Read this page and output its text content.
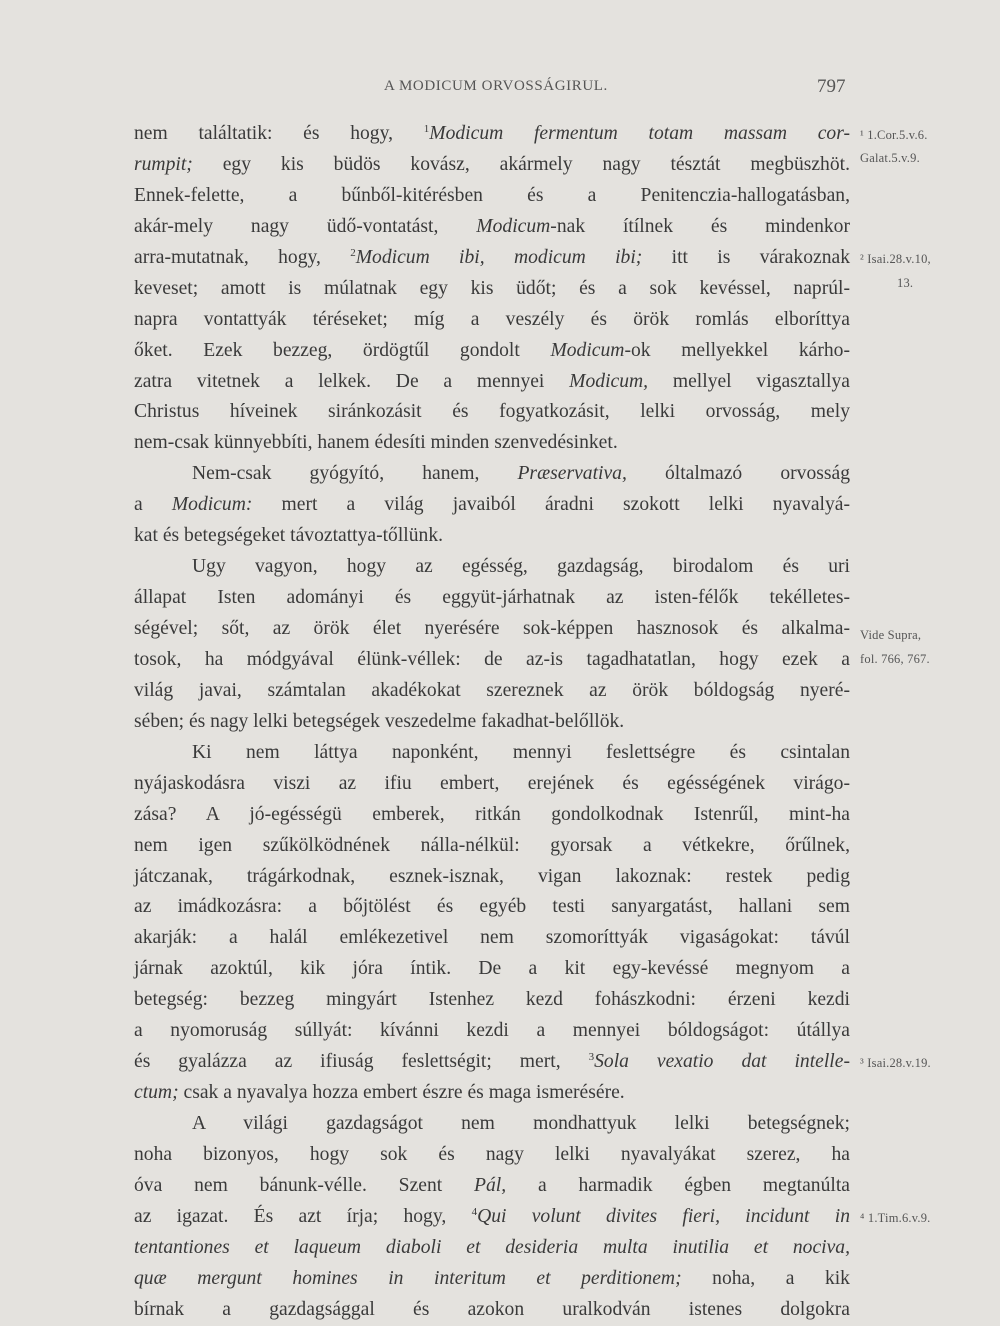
A MODICUM ORVOSSÁGIRUL.	797
nem találtatik: és hogy, $^1$Modicum fermentum totam massam cor-
rumpit; egy kis büdös kovász, akármely nagy tésztát megbüszhöt.
Ennek-felette, a bűnből-kitérésben és a Penitenczia-hallogatásban,
akár-mely nagy üdő-vontatást, Modicum-nak ítílnek és mindenkor
arra-mutatnak, hogy, $^2$Modicum ibi, modicum ibi; itt is várakoznak
keveset; amott is múlatnak egy kis üdőt; és a sok kevéssel, naprúl-
napra vontattyák téréseket; míg a veszély és örök romlás elboríttya
őket. Ezek bezzeg, ördögtűl gondolt Modicum-ok mellyekkel kárho-
zatra vitetnek a lelkek. De a mennyei Modicum, mellyel vigasztallya
Christus híveinek siránkozásit és fogyatkozásit, lelki orvosság, mely
nem-csak künnyebbíti, hanem édesíti minden szenvedésinket.
Nem-csak gyógyító, hanem, Præservativa, óltalmazó orvosság
a Modicum: mert a világ javaiból áradni szokott lelki nyavalyá-
kat és betegségeket távoztattya-tőllünk.
Ugy vagyon, hogy az egésség, gazdagság, birodalom és uri
állapat Isten adományi és eggyüt-járhatnak az isten-félők tekélletes-
ségével; sőt, az örök élet nyerésére sok-képpen hasznosok és alkalma-
tosok, ha módgyával élünk-véllek: de az-is tagadhatatlan, hogy ezek a
világ javai, számtalan akadékokat szereznek az örök bóldogság nyeré-
sében; és nagy lelki betegségek veszedelme fakadhat-belőllök.
Ki nem láttya naponként, mennyi feslettségre és csintalan
nyájaskodásra viszi az ifiu embert, erejének és egésségének virágo-
zása? A jó-egésségü emberek, ritkán gondolkodnak Istenrűl, mint-ha
nem igen szűkölködnének nálla-nélkül: gyorsak a vétkekre, őrűlnek,
játczanak, trágárkodnak, esznek-isznak, vigan lakoznak: restek pedig
az imádkozásra: a bőjtölést és egyéb testi sanyargatást, hallani sem
akarják: a halál emlékezetivel nem szomoríttyák vigaságokat: távúl
járnak azoktúl, kik jóra íntik. De a kit egy-kevéssé megnyom a
betegség: bezzeg mingyárt Istenhez kezd fohászkodni: érzeni kezdi
a nyomoruság súllyát: kívánni kezdi a mennyei bóldogságot: útállya
és gyalázza az ifiuság feslettségit; mert, $^3$Sola vexatio dat intelle-
ctum; csak a nyavalya hozza embert észre és maga ismerésére.
A világi gazdagságot nem mondhattyuk lelki betegségnek;
noha bizonyos, hogy sok és nagy lelki nyavalyákat szerez, ha
óva nem bánunk-vélle. Szent Pál, a harmadik égben megtanúlta
az igazat. És azt írja; hogy, $^4$Qui volunt divites fieri, incidunt in
tentantiones et laqueum diaboli et desideria multa inutilia et nociva,
quæ mergunt homines in interitum et perditionem; noha, a kik
bírnak a gazdagsággal és azokon uralkodván istenes dolgokra
¹ 1.Cor.5.v.6.
Galat.5.v.9.
² Isai.28.v.10,
13.
Vide Supra,
fol. 766, 767.
³ Isai.28.v.19.
⁴ 1.Tim.6.v.9.
